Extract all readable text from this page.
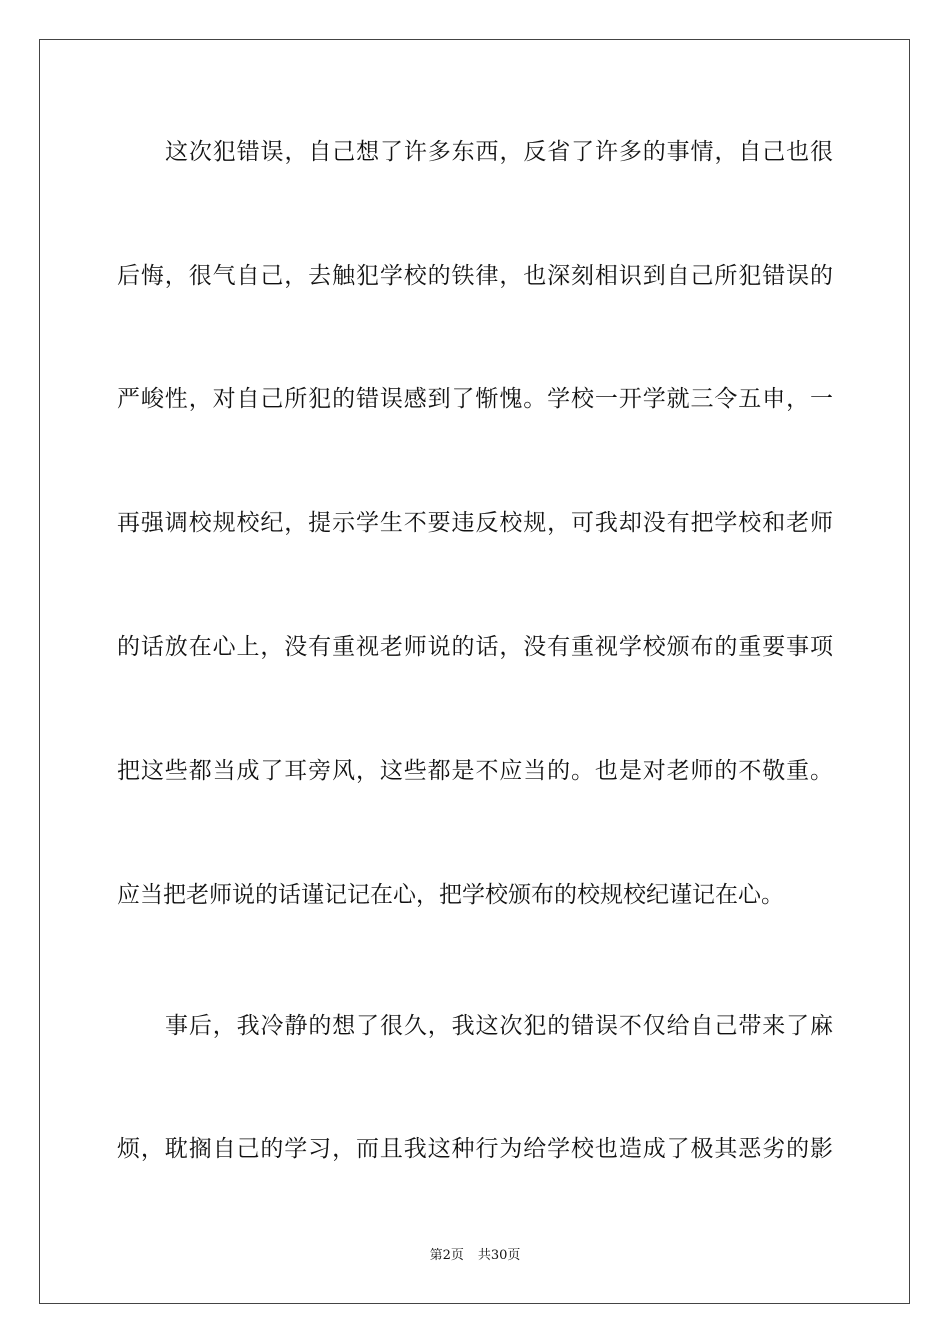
这次犯错误，自己想了许多东西，反省了许多的事情，自己也很
后悔，很气自己，去触犯学校的铁律，也深刻相识到自己所犯错误的
严峻性，对自己所犯的错误感到了惭愧。学校一开学就三令五申，一
再强调校规校纪，提示学生不要违反校规，可我却没有把学校和老师
的话放在心上，没有重视老师说的话，没有重视学校颁布的重要事项
把这些都当成了耳旁风，这些都是不应当的。也是对老师的不敬重。
应当把老师说的话谨记记在心，把学校颁布的校规校纪谨记在心。
事后，我冷静的想了很久，我这次犯的错误不仅给自己带来了麻
烦，耽搁自己的学习，而且我这种行为给学校也造成了极其恶劣的影
第2页 共30页
